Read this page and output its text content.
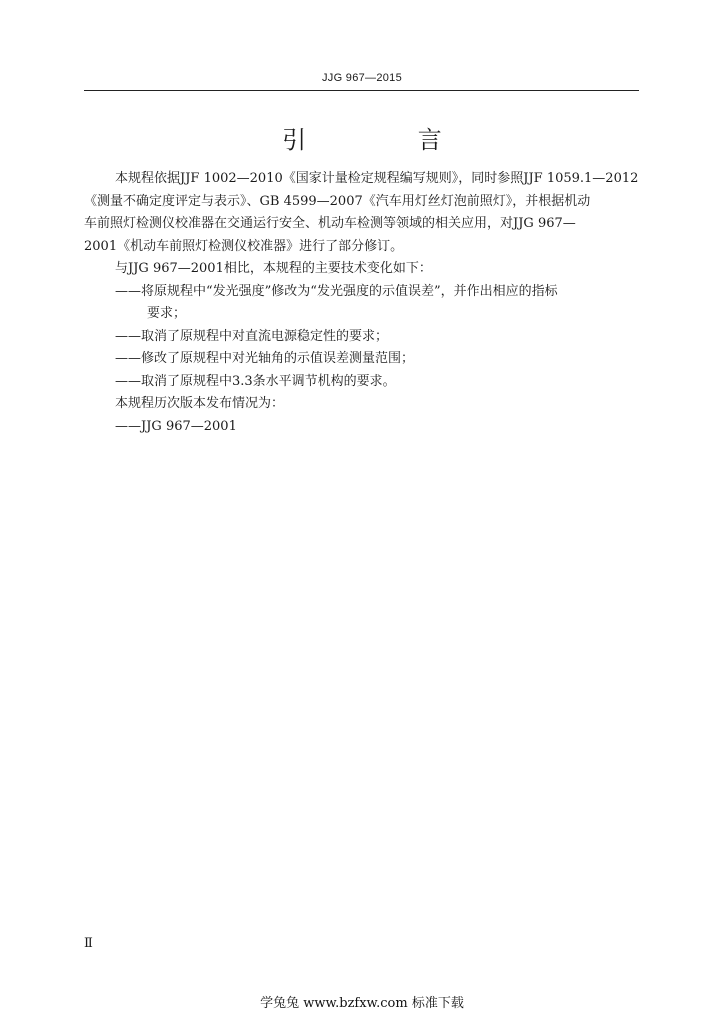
JJG 967—2015
引 言
本规程依据JJF 1002—2010《国家计量检定规程编写规则》，同时参照JJF 1059.1—2012
《测量不确定度评定与表示》、GB 4599—2007《汽车用灯丝灯泡前照灯》，并根据机动
车前照灯检测仪校准器在交通运行安全、机动车检测等领域的相关应用，对JJG 967—
2001《机动车前照灯检测仪校准器》进行了部分修订。
与JJG 967—2001相比，本规程的主要技术变化如下：
——将原规程中“发光强度”修改为“发光强度的示值误差”，并作出相应的指标
要求；
——取消了原规程中对直流电源稳定性的要求；
——修改了原规程中对光轴角的示值误差测量范围；
——取消了原规程中3.3条水平调节机构的要求。
本规程历次版本发布情况为：
——JJG 967—2001
Ⅱ
学兔兔 www.bzfxw.com 标准下载
